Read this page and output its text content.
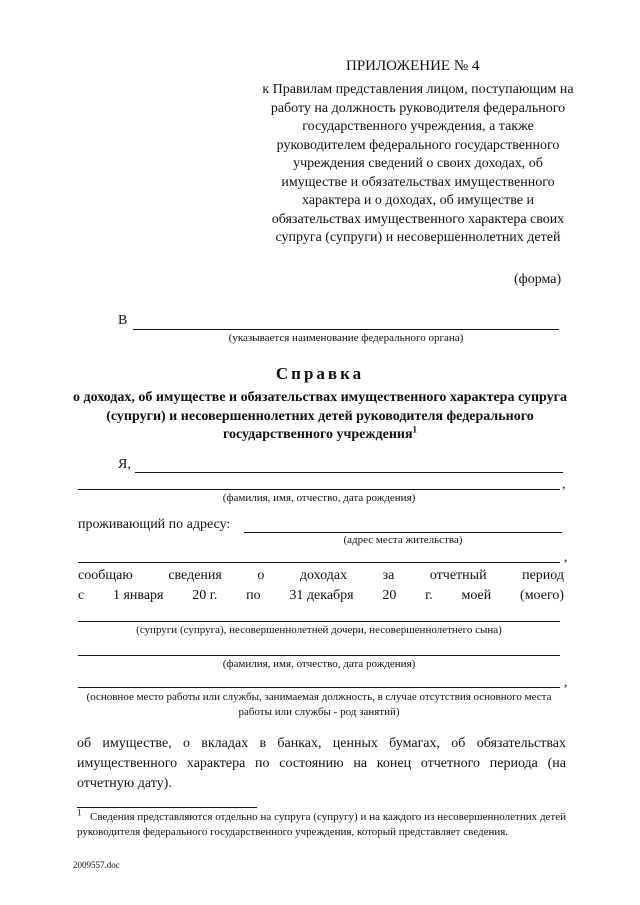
ПРИЛОЖЕНИЕ № 4
к Правилам представления лицом, поступающим на работу на должность руководителя федерального государственного учреждения, а также руководителем федерального государственного учреждения сведений о своих доходах, об имуществе и обязательствах имущественного характера и о доходах, об имуществе и обязательствах имущественного характера своих супруга (супруги) и несовершеннолетних детей
(форма)
В
(указывается наименование федерального органа)
Справка
о доходах, об имуществе и обязательствах имущественного характера супруга (супруги) и несовершеннолетних детей руководителя федерального государственного учреждения$^1$
Я,
,
(фамилия, имя, отчество, дата рождения)
проживающий по адресу:
(адрес места жительства)
,
сообщаю	сведения	о	доходах	за	отчетный	период
с 1 января 20 г. по 31 декабря 20 г. моей (моего)
(супруги (супруга), несовершеннолетней дочери, несовершеннолетнего сына)
(фамилия, имя, отчество, дата рождения)
,
(основное место работы или службы, занимаемая должность, в случае отсутствия основного места работы или службы - род занятий)
об имуществе, о вкладах в банках, ценных бумагах, об обязательствах имущественного характера по состоянию на конец отчетного периода (на отчетную дату).
$^1$ Сведения представляются отдельно на супруга (супругу) и на каждого из несовершеннолетних детей руководителя федерального государственного учреждения, который представляет сведения.
2009557.doc
